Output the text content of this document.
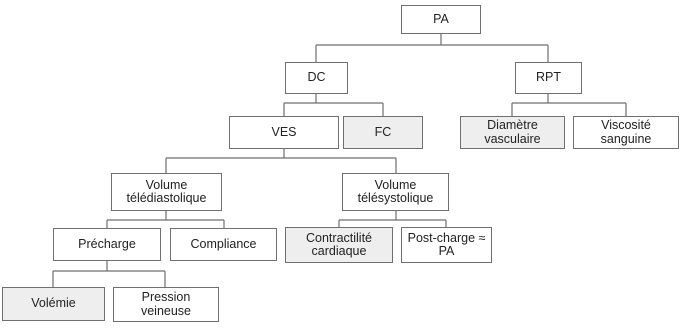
PA
DC	RPT
VES	FC	Diamètre vasculaire
Viscosité sanguine
Volume télédiastolique
Volume télésystolique
Précharge	Compliance	Contractilité cardiaque
Post-charge ≈ PA
Volémie	Pression veineuse
